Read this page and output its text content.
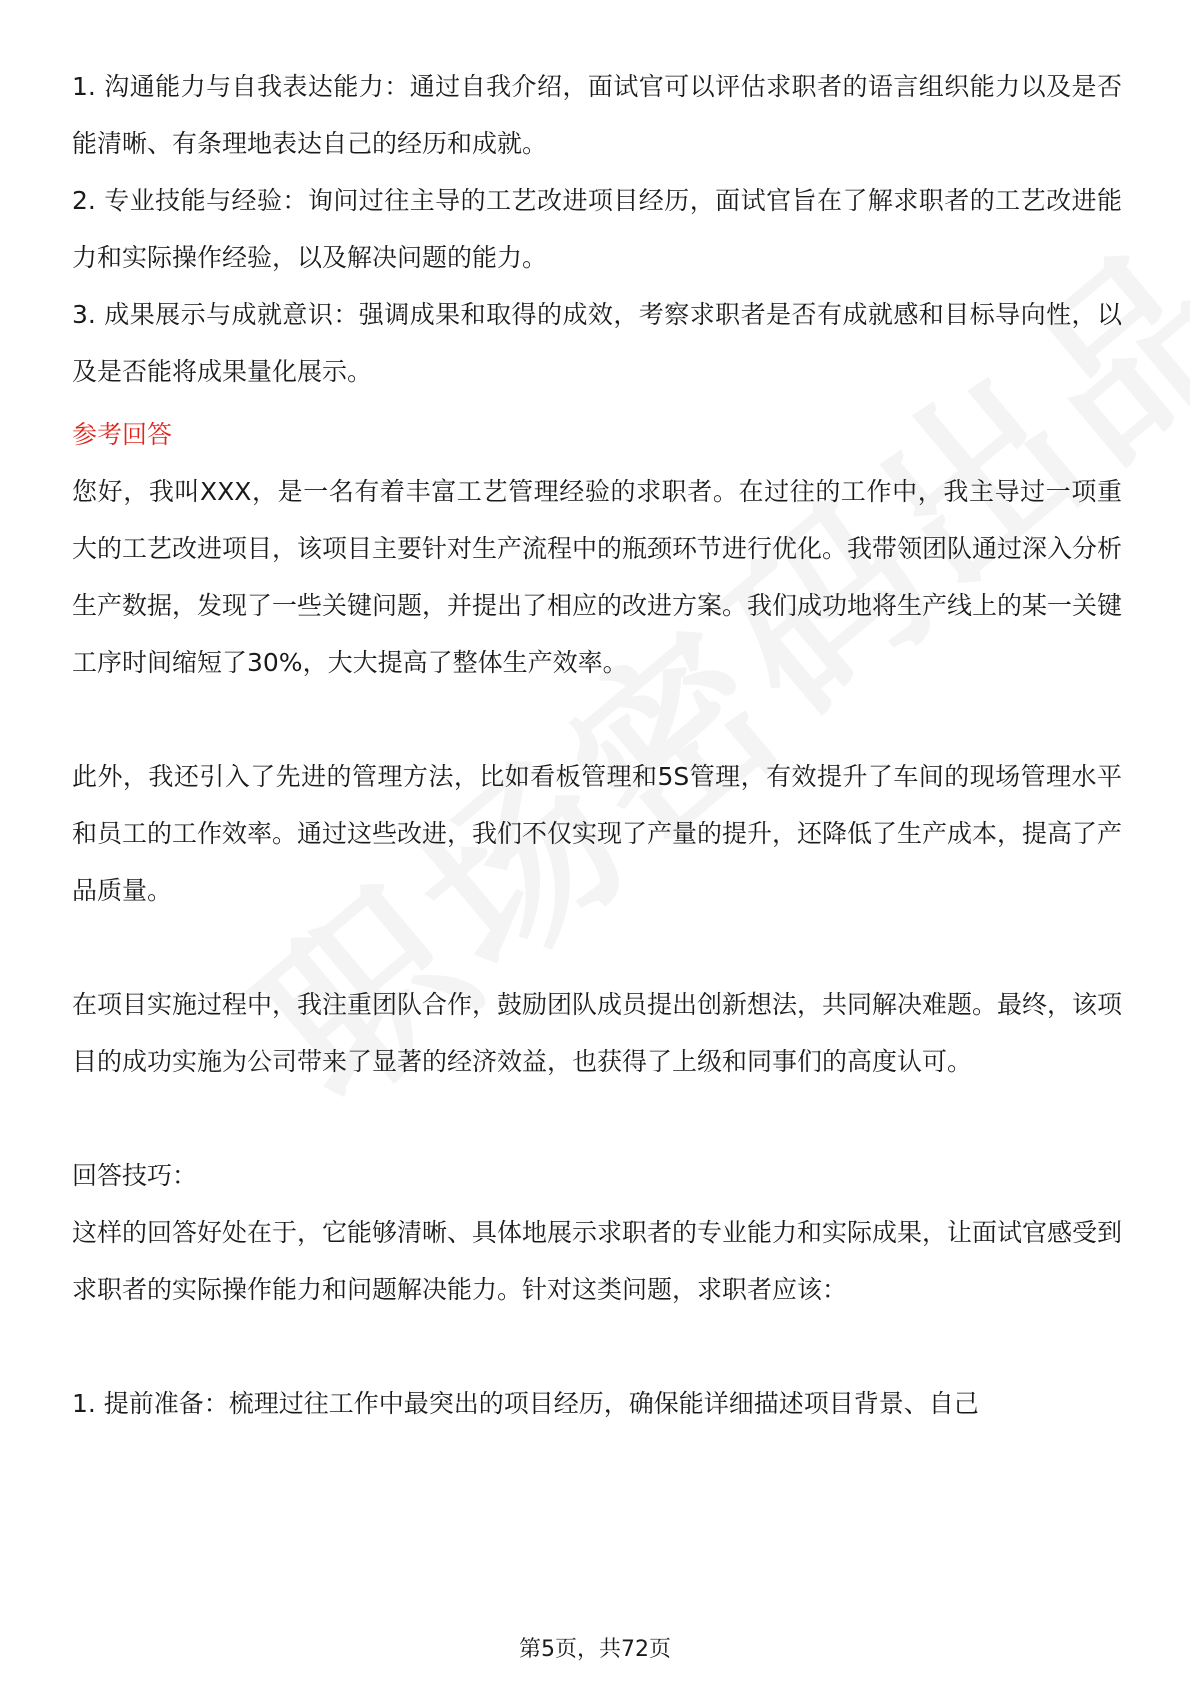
1. 沟通能力与自我表达能力：通过自我介绍，面试官可以评估求职者的语言组织能力以及是否能清晰、有条理地表达自己的经历和成就。

2. 专业技能与经验：询问过往主导的工艺改进项目经历，面试官旨在了解求职者的工艺改进能力和实际操作经验，以及解决问题的能力。

3. 成果展示与成就意识：强调成果和取得的成效，考察求职者是否有成就感和目标导向性，以及是否能将成果量化展示。

参考回答

您好，我叫XXX，是一名有着丰富工艺管理经验的求职者。在过往的工作中，我主导过一项重大的工艺改进项目，该项目主要针对生产流程中的瓶颈环节进行优化。我带领团队通过深入分析生产数据，发现了一些关键问题，并提出了相应的改进方案。我们成功地将生产线上的某一关键工序时间缩短了30%，大大提高了整体生产效率。

此外，我还引入了先进的管理方法，比如看板管理和5S管理，有效提升了车间的现场管理水平和员工的工作效率。通过这些改进，我们不仅实现了产量的提升，还降低了生产成本，提高了产品质量。

在项目实施过程中，我注重团队合作，鼓励团队成员提出创新想法，共同解决难题。最终，该项目的成功实施为公司带来了显著的经济效益，也获得了上级和同事们的高度认可。

回答技巧：

这样的回答好处在于，它能够清晰、具体地展示求职者的专业能力和实际成果，让面试官感受到求职者的实际操作能力和问题解决能力。针对这类问题，求职者应该：

1. 提前准备：梳理过往工作中最突出的项目经历，确保能详细描述项目背景、自己

第5页，共72页
